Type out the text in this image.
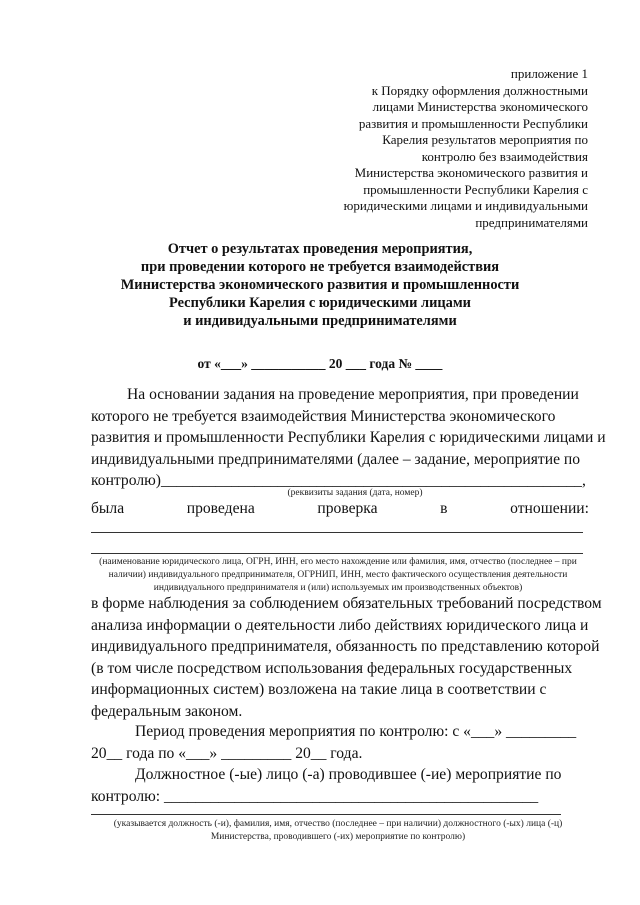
приложение 1
к Порядку оформления должностными
лицами Министерства экономического
развития и промышленности Республики
Карелия результатов мероприятия по
контролю без взаимодействия
Министерства экономического развития и
промышленности Республики Карелия с
юридическими лицами и индивидуальными
предпринимателями
Отчет о результатах проведения мероприятия,
при проведении которого не требуется взаимодействия
Министерства экономического развития и промышленности
Республики Карелия с юридическими лицами
и индивидуальными предпринимателями
от «___» ___________ 20 ___ года № ____
На основании задания на проведение мероприятия, при проведении
которого не требуется взаимодействия Министерства экономического
развития и промышленности Республики Карелия с юридическими лицами и
индивидуальными предпринимателями (далее – задание, мероприятие по
контролю)______________________________________________________,
(реквизиты задания (дата, номер)
была	проведена	проверка	в	отношении:
(наименование юридического лица, ОГРН, ИНН, его место нахождение или фамилия, имя, отчество (последнее – при
наличии) индивидуального предпринимателя, ОГРНИП, ИНН, место фактического осуществления деятельности
индивидуального предпринимателя и (или) используемых им производственных объектов)
в форме наблюдения за соблюдением обязательных требований посредством
анализа информации о деятельности либо действиях юридического лица и
индивидуального предпринимателя, обязанность по представлению которой
(в том числе посредством использования федеральных государственных
информационных систем) возложена на такие лица в соответствии с
федеральным законом.
Период проведения мероприятия по контролю: с «___» _________
20__ года по «___» _________ 20__ года.
Должностное (-ые) лицо (-а) проводившее (-ие) мероприятие по
контролю: ________________________________________________
(указывается должность (-и), фамилия, имя, отчество (последнее – при наличии) должностного (-ых) лица (-ц)
Министерства, проводившего (-их) мероприятие по контролю)
